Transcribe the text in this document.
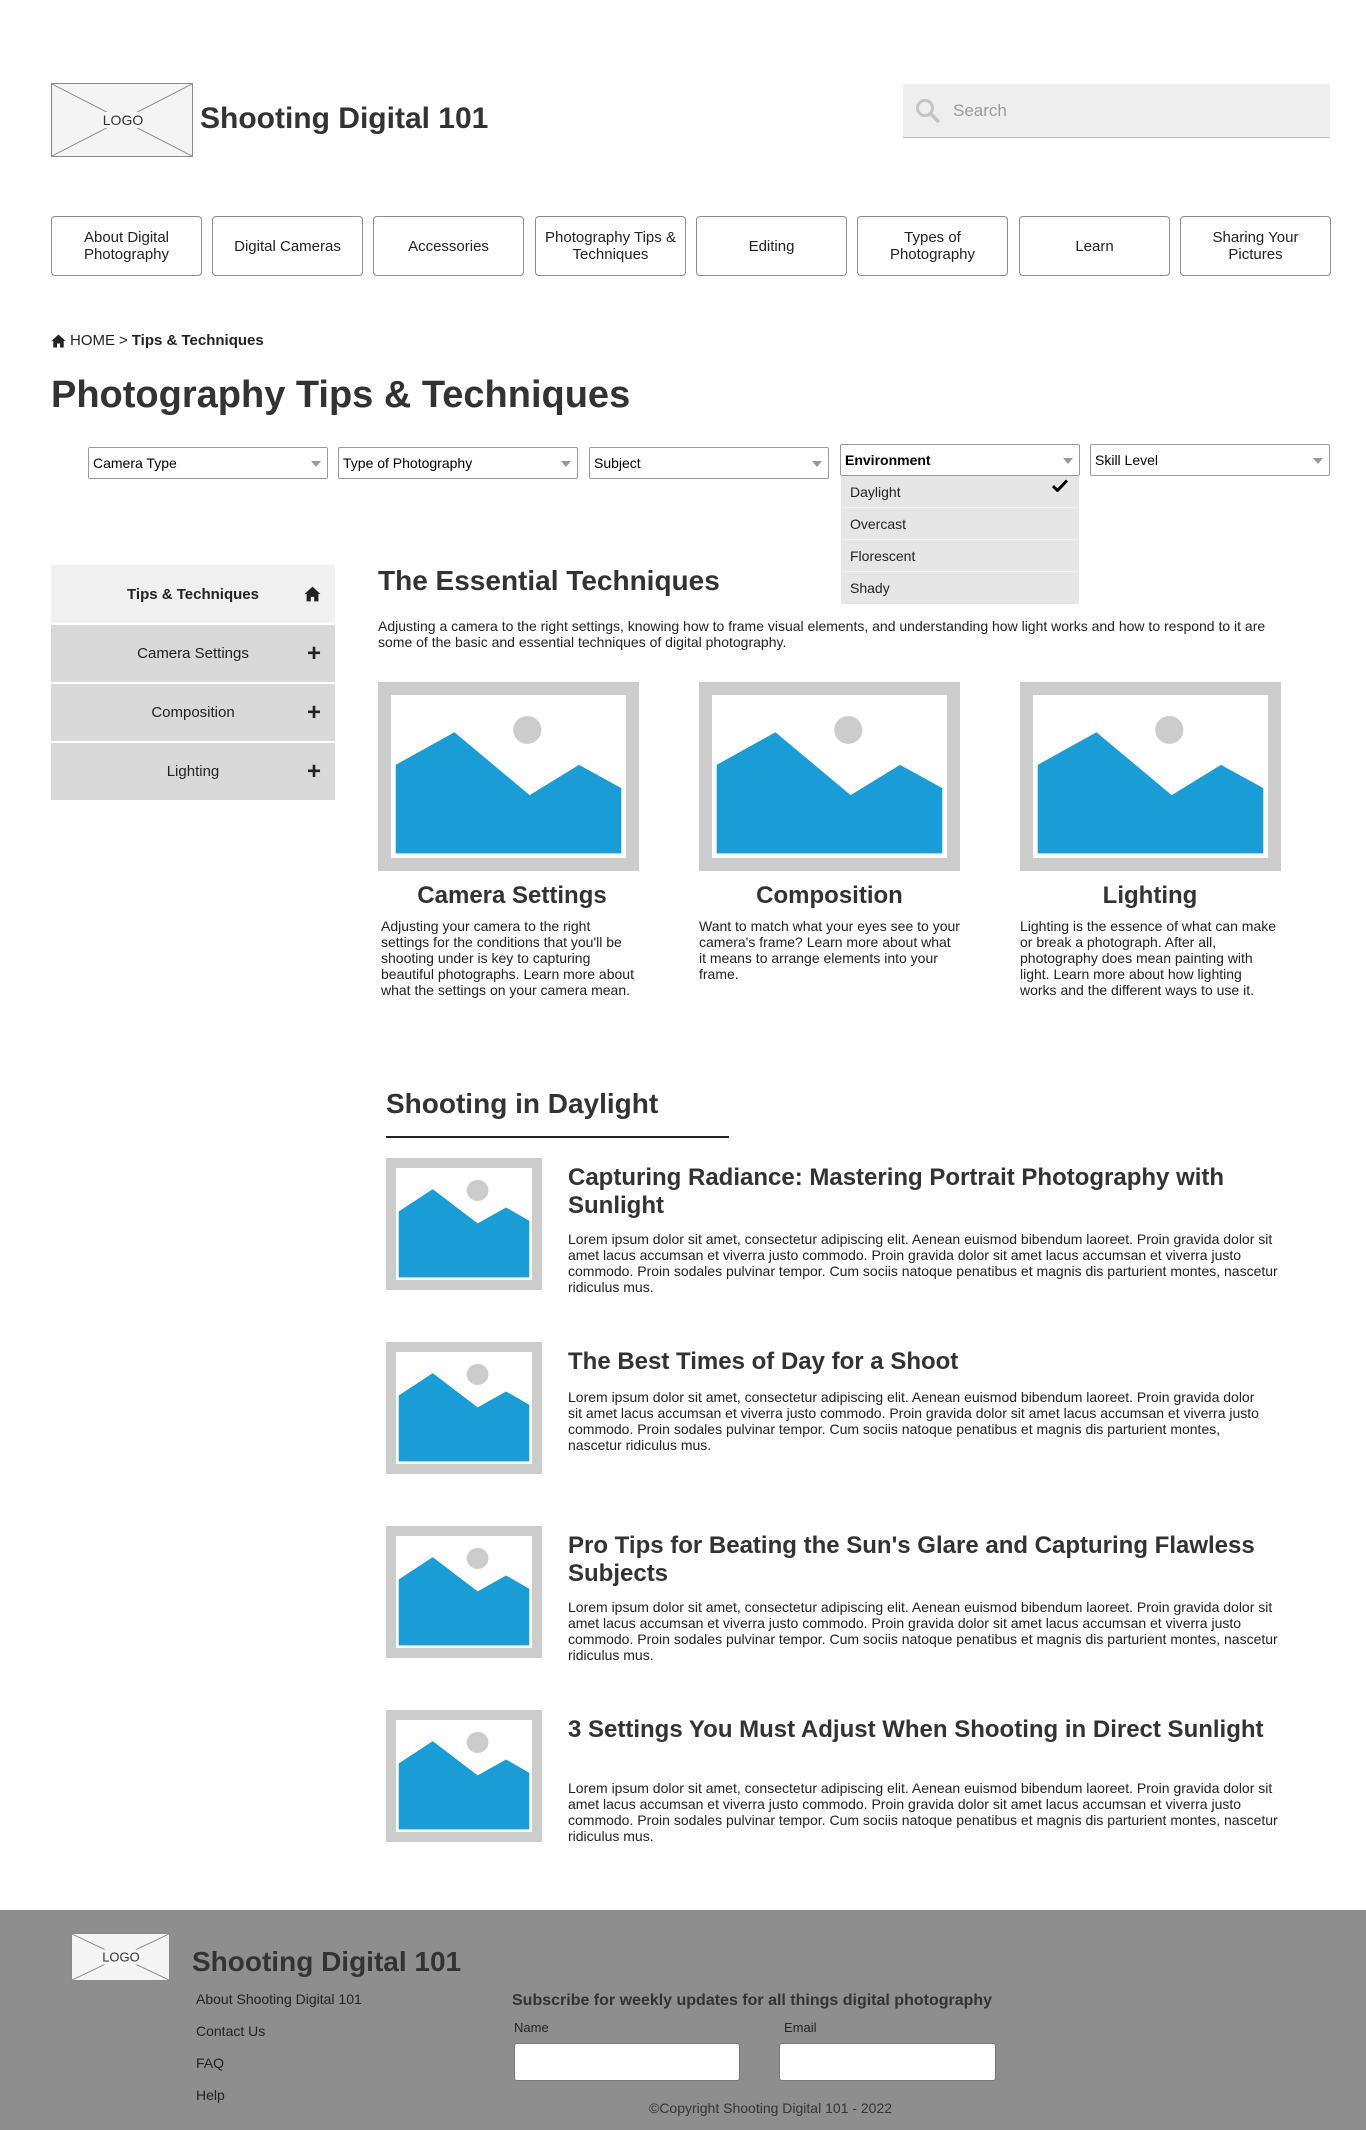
LOGO Shooting Digital 101
Search
About Digital Photography	Digital Cameras	Accessories	Photography Tips & Techniques	Editing	Types of Photography	Learn	Sharing Your Pictures
HOME > Tips & Techniques
Photography Tips & Techniques
Camera Type	Type of Photography	Subject	Environment	Skill Level
Daylight
Overcast
Florescent
Shady
Tips & Techniques
Camera Settings +
Composition	+
Lighting	+
The Essential Techniques

Adjusting a camera to the right settings, knowing how to frame visual elements, and understanding how light works and how to respond to it are some of the basic and essential techniques of digital photography.

Camera Settings	Composition	Lighting

Adjusting your camera to the right settings for the conditions that you'll be shooting under is key to capturing beautiful photographs. Learn more about what the settings on your camera mean.

Want to match what your eyes see to your camera's frame? Learn more about what it means to arrange elements into your frame.

Lighting is the essence of what can make or break a photograph. After all, photography does mean painting with light. Learn more about how lighting works and the different ways to use it.

Shooting in Daylight
Capturing Radiance: Mastering Portrait Photography with Sunlight

Lorem ipsum dolor sit amet, consectetur adipiscing elit. Aenean euismod bibendum laoreet. Proin gravida dolor sit amet lacus accumsan et viverra justo commodo. Proin gravida dolor sit amet lacus accumsan et viverra justo commodo. Proin sodales pulvinar tempor. Cum sociis natoque penatibus et magnis dis parturient montes, nascetur ridiculus mus.

The Best Times of Day for a Shoot

Lorem ipsum dolor sit amet, consectetur adipiscing elit. Aenean euismod bibendum laoreet. Proin gravida dolor sit amet lacus accumsan et viverra justo commodo. Proin gravida dolor sit amet lacus accumsan et viverra justo commodo. Proin sodales pulvinar tempor. Cum sociis natoque penatibus et magnis dis parturient montes, nascetur ridiculus mus.

Pro Tips for Beating the Sun's Glare and Capturing Flawless Subjects

Lorem ipsum dolor sit amet, consectetur adipiscing elit. Aenean euismod bibendum laoreet. Proin gravida dolor sit amet lacus accumsan et viverra justo commodo. Proin gravida dolor sit amet lacus accumsan et viverra justo commodo. Proin sodales pulvinar tempor. Cum sociis natoque penatibus et magnis dis parturient montes, nascetur ridiculus mus.

3 Settings You Must Adjust When Shooting in Direct Sunlight

Lorem ipsum dolor sit amet, consectetur adipiscing elit. Aenean euismod bibendum laoreet. Proin gravida dolor sit amet lacus accumsan et viverra justo commodo. Proin gravida dolor sit amet lacus accumsan et viverra justo commodo. Proin sodales pulvinar tempor. Cum sociis natoque penatibus et magnis dis parturient montes, nascetur ridiculus mus.

LOGO Shooting Digital 101
About Shooting Digital 101
Contact Us
FAQ
Help
Subscribe for weekly updates for all things digital photography
Name	Email
©Copyright Shooting Digital 101 - 2022
